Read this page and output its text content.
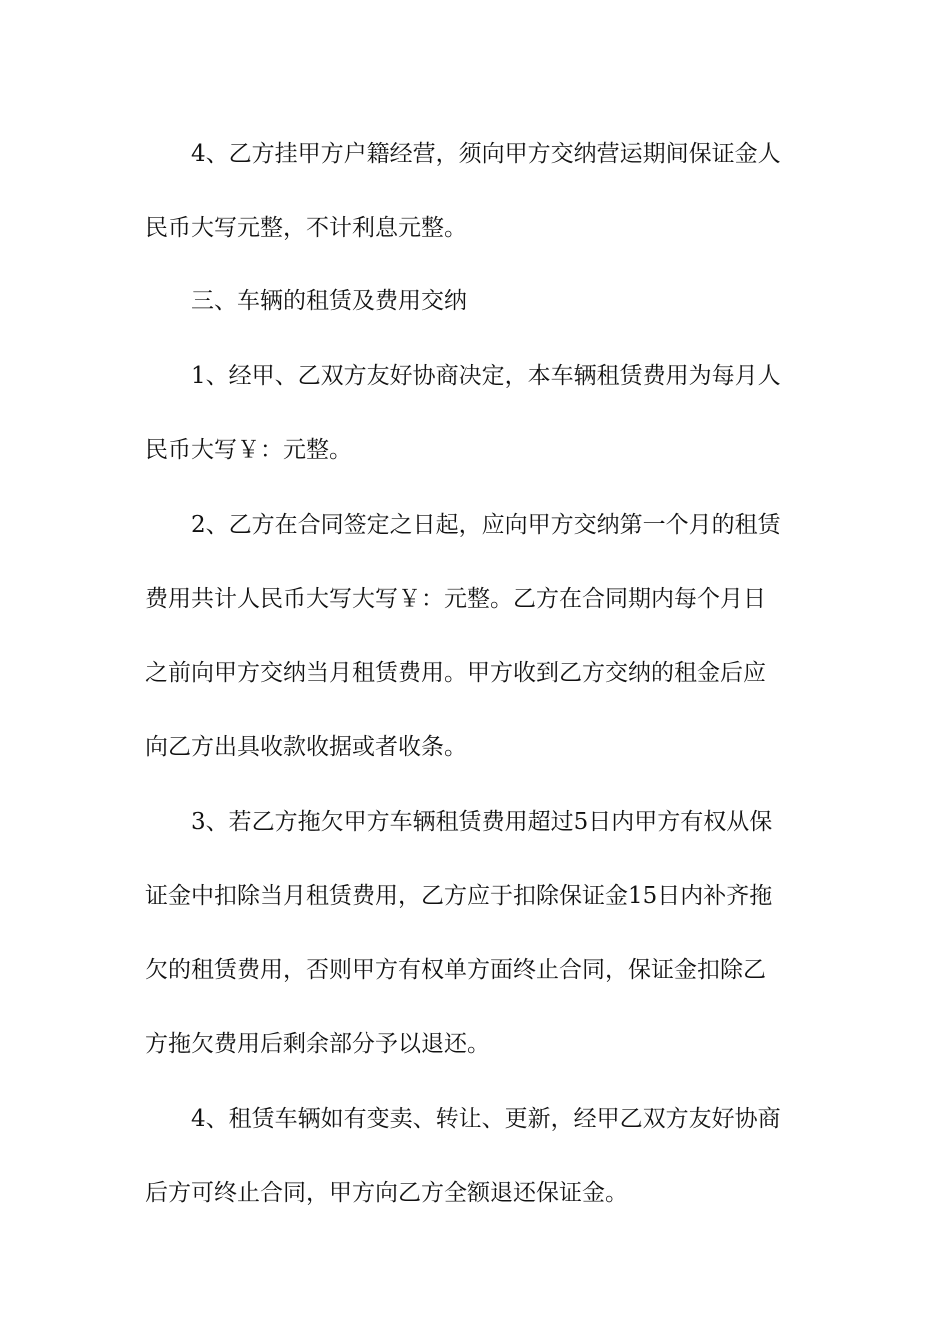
4、乙方挂甲方户籍经营，须向甲方交纳营运期间保证金人
民币大写元整，不计利息元整。
三、车辆的租赁及费用交纳
1、经甲、乙双方友好协商决定，本车辆租赁费用为每月人
民币大写￥：元整。
2、乙方在合同签定之日起，应向甲方交纳第一个月的租赁
费用共计人民币大写大写￥：元整。乙方在合同期内每个月日
之前向甲方交纳当月租赁费用。甲方收到乙方交纳的租金后应
向乙方出具收款收据或者收条。
3、若乙方拖欠甲方车辆租赁费用超过5日内甲方有权从保
证金中扣除当月租赁费用，乙方应于扣除保证金15日内补齐拖
欠的租赁费用，否则甲方有权单方面终止合同，保证金扣除乙
方拖欠费用后剩余部分予以退还。
4、租赁车辆如有变卖、转让、更新，经甲乙双方友好协商
后方可终止合同，甲方向乙方全额退还保证金。
